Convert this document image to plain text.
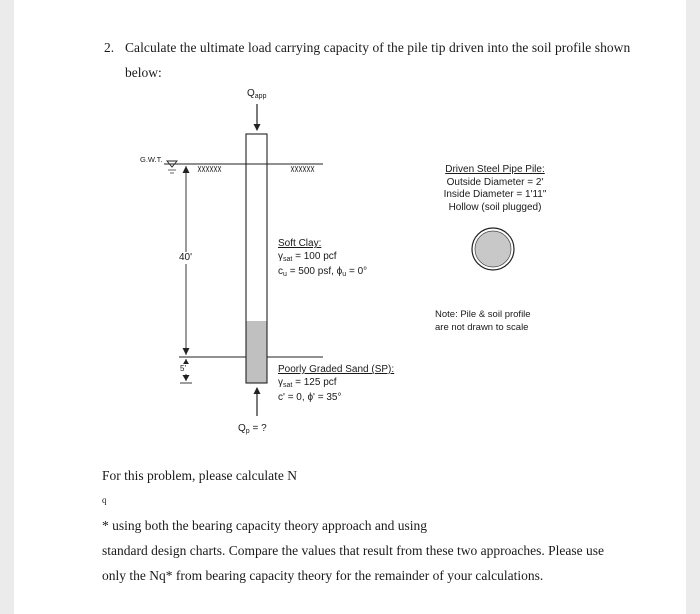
2. Calculate the ultimate load carrying capacity of the pile tip driven into the soil profile shown
below:
$Q_{app}$
G.W.T.
40'
5'
Soft Clay:
$\gamma_{sat} = 100$ pcf
$c_u = 500$ psf, $\phi_u = 0^\circ$
Poorly Graded Sand (SP):
$\gamma_{sat} = 125$ pcf
c' = 0, ϕ' = 35°
$Q_p$ = ?
Driven Steel Pipe Pile:
Outside Diameter = 2'
Inside Diameter = 1'11"
Hollow (soil plugged)
Note: Pile & soil profile
are not drawn to scale
For this problem, please calculate N
q
* using both the bearing capacity theory approach and using
standard design charts. Compare the values that result from these two approaches. Please use
only the Nq* from bearing capacity theory for the remainder of your calculations.
